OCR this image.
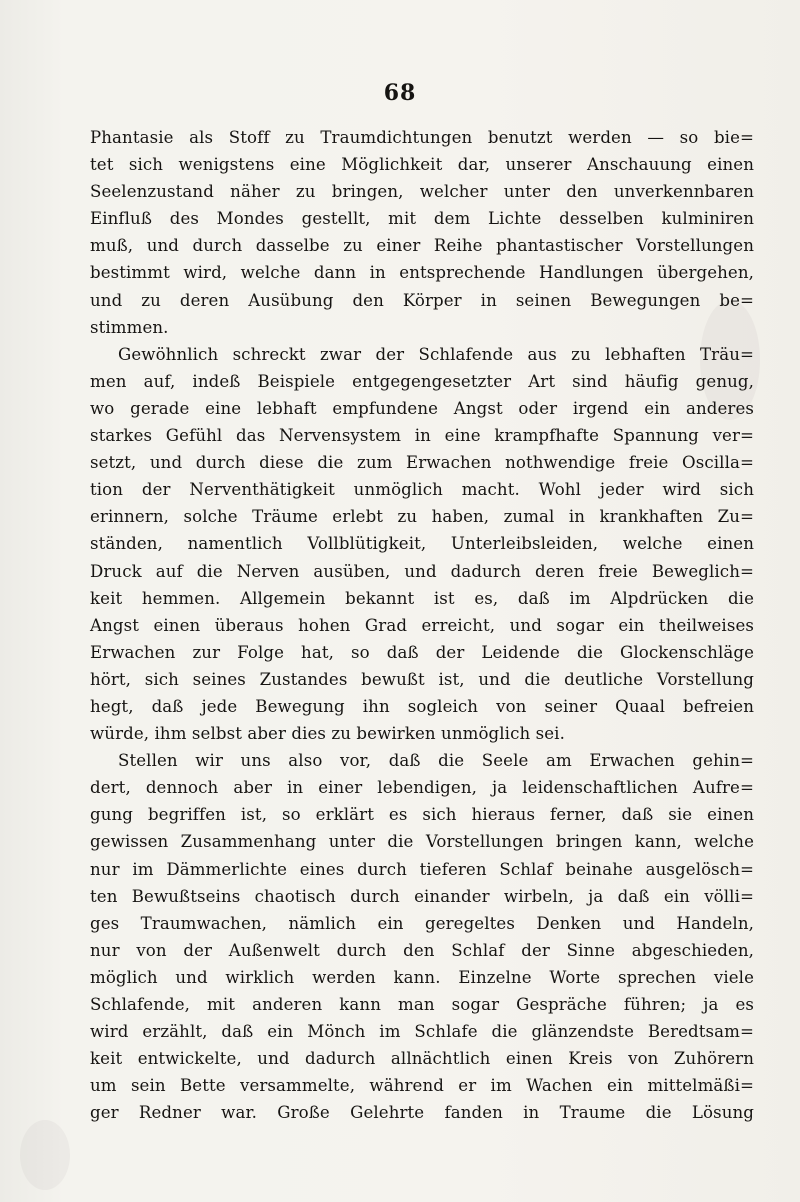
68
Phantasie als Stoff zu Traumdichtungen benutzt werden — so bie=
tet sich wenigstens eine Möglichkeit dar, unserer Anschauung einen
Seelenzustand näher zu bringen, welcher unter den unverkennbaren
Einfluß des Mondes gestellt, mit dem Lichte desselben kulminiren
muß, und durch dasselbe zu einer Reihe phantastischer Vorstellungen
bestimmt wird, welche dann in entsprechende Handlungen übergehen,
und zu deren Ausübung den Körper in seinen Bewegungen be=
stimmen.
Gewöhnlich schreckt zwar der Schlafende aus zu lebhaften Träu=
men auf, indeß Beispiele entgegengesetzter Art sind häufig genug,
wo gerade eine lebhaft empfundene Angst oder irgend ein anderes
starkes Gefühl das Nervensystem in eine krampfhafte Spannung ver=
setzt, und durch diese die zum Erwachen nothwendige freie Oscilla=
tion der Nerventhätigkeit unmöglich macht. Wohl jeder wird sich
erinnern, solche Träume erlebt zu haben, zumal in krankhaften Zu=
ständen, namentlich Vollblütigkeit, Unterleibsleiden, welche einen
Druck auf die Nerven ausüben, und dadurch deren freie Beweglich=
keit hemmen. Allgemein bekannt ist es, daß im Alpdrücken die
Angst einen überaus hohen Grad erreicht, und sogar ein theilweises
Erwachen zur Folge hat, so daß der Leidende die Glockenschläge
hört, sich seines Zustandes bewußt ist, und die deutliche Vorstellung
hegt, daß jede Bewegung ihn sogleich von seiner Quaal befreien
würde, ihm selbst aber dies zu bewirken unmöglich sei.
Stellen wir uns also vor, daß die Seele am Erwachen gehin=
dert, dennoch aber in einer lebendigen, ja leidenschaftlichen Aufre=
gung begriffen ist, so erklärt es sich hieraus ferner, daß sie einen
gewissen Zusammenhang unter die Vorstellungen bringen kann, welche
nur im Dämmerlichte eines durch tieferen Schlaf beinahe ausgelösch=
ten Bewußtseins chaotisch durch einander wirbeln, ja daß ein völli=
ges Traumwachen, nämlich ein geregeltes Denken und Handeln,
nur von der Außenwelt durch den Schlaf der Sinne abgeschieden,
möglich und wirklich werden kann. Einzelne Worte sprechen viele
Schlafende, mit anderen kann man sogar Gespräche führen; ja es
wird erzählt, daß ein Mönch im Schlafe die glänzendste Beredtsam=
keit entwickelte, und dadurch allnächtlich einen Kreis von Zuhörern
um sein Bette versammelte, während er im Wachen ein mittelmäßi=
ger Redner war. Große Gelehrte fanden in Traume die Lösung
